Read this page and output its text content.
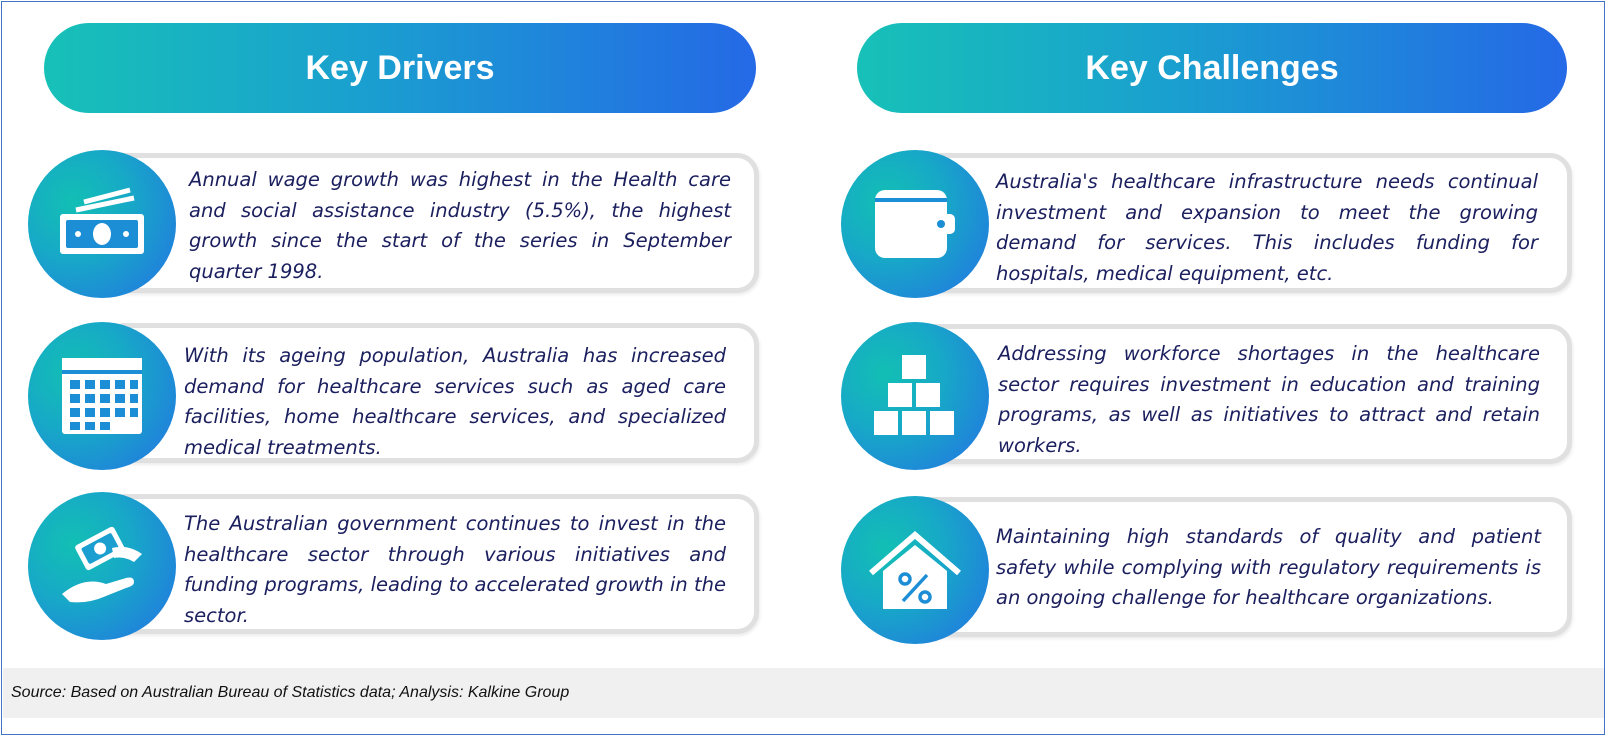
Key Drivers	Key Challenges
Annual wage growth was highest in the Health care and social assistance industry (5.5%), the highest growth since the start of the series in September quarter 1998.
With its ageing population, Australia has increased demand for healthcare services such as aged care facilities, home healthcare services, and specialized medical treatments.
The Australian government continues to invest in the healthcare sector through various initiatives and funding programs, leading to accelerated growth in the sector.
Australia's healthcare infrastructure needs continual investment and expansion to meet the growing demand for services. This includes funding for hospitals, medical equipment, etc.
Addressing workforce shortages in the healthcare sector requires investment in education and training programs, as well as initiatives to attract and retain workers.
Maintaining high standards of quality and patient safety while complying with regulatory requirements is an ongoing challenge for healthcare organizations.
Source: Based on Australian Bureau of Statistics data; Analysis: Kalkine Group
